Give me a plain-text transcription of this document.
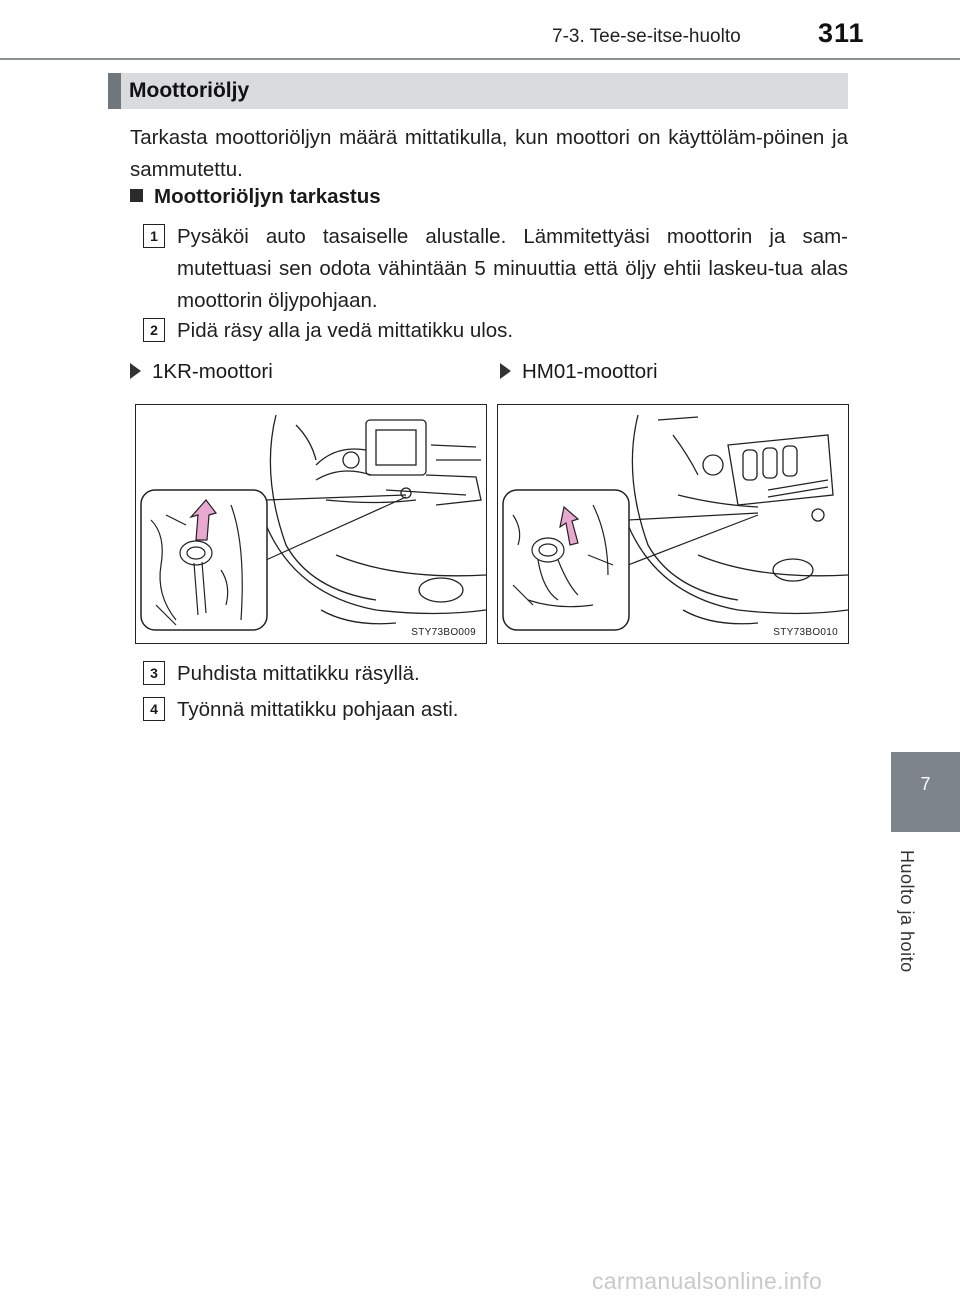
7-3. Tee-se-itse-huolto	311
7
Huolto ja hoito
Moottoriöljy
Tarkasta moottoriöljyn määrä mittatikulla, kun moottori on käyttöläm-pöinen ja sammutettu.
Moottoriöljyn tarkastus
1 Pysäköi auto tasaiselle alustalle. Lämmitettyäsi moottorin ja sam-mutettuasi sen odota vähintään 5 minuuttia että öljy ehtii laskeu-tua alas moottorin öljypohjaan.
2 Pidä räsy alla ja vedä mittatikku ulos.
1KR-moottori	HM01-moottori
STY73BO009	STY73BO010
3 Puhdista mittatikku räsyllä.
4 Työnnä mittatikku pohjaan asti.
carmanualsonline.info
